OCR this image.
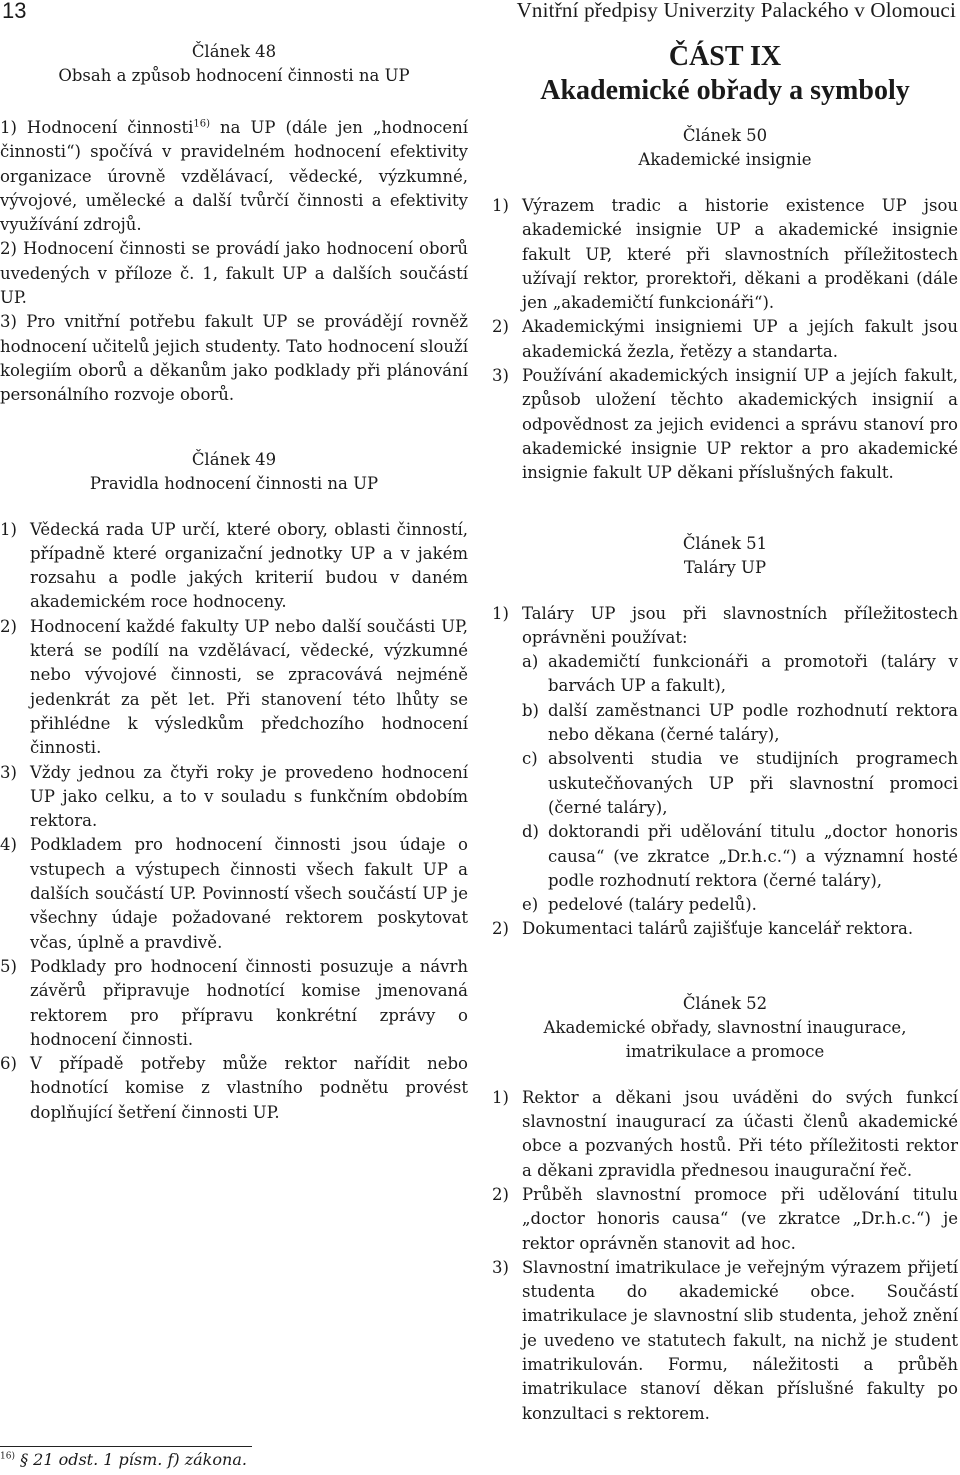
13	Vnitřní předpisy Univerzity Palackého v Olomouci
Článek 48
Obsah a způsob hodnocení činnosti na UP

1) Hodnocení činnosti$^{16)}$ na UP (dále jen „hodnocení činnosti“) spočívá v pravidelném hodnocení efektivity organizace úrovně vzdělávací, vědecké, výzkumné, vývojové, umělecké a další tvůrčí činnosti a efektivity využívání zdrojů.

2) Hodnocení činnosti se provádí jako hodnocení oborů uvedených v příloze č. 1, fakult UP a dalších součástí UP.

3) Pro vnitřní potřebu fakult UP se provádějí rovněž hodnocení učitelů jejich studenty. Tato hodnocení slouží kolegiím oborů a děkanům jako podklady při plánování personálního rozvoje oborů.

Článek 49
Pravidla hodnocení činnosti na UP
1) Vědecká rada UP určí, které obory, oblasti činností, případně které organizační jednotky UP a v jakém rozsahu a podle jakých kriterií budou v daném akademickém roce hodnoceny.
2) Hodnocení každé fakulty UP nebo další součásti UP, která se podílí na vzdělávací, vědecké, výzkumné nebo vývojové činnosti, se zpracovává nejméně jedenkrát za pět let. Při stanovení této lhůty se přihlédne k výsledkům předchozího hodnocení činnosti.
3) Vždy jednou za čtyři roky je provedeno hodnocení UP jako celku, a to v souladu s funkčním obdobím rektora.
4) Podkladem pro hodnocení činnosti jsou údaje o vstupech a výstupech činnosti všech fakult UP a dalších součástí UP. Povinností všech součástí UP je všechny údaje požadované rektorem poskytovat včas, úplně a pravdivě.
5) Podklady pro hodnocení činnosti posuzuje a návrh závěrů připravuje hodnotící komise jmenovaná rektorem pro přípravu konkrétní zprávy o hodnocení činnosti.
6) V případě potřeby může rektor nařídit nebo hodnotící komise z vlastního podnětu provést doplňující šetření činnosti UP.
ČÁST IX
Akademické obřady a symboly
Článek 50
Akademické insignie
1) Výrazem tradic a historie existence UP jsou akademické insignie UP a akademické insignie fakult UP, které při slavnostních příležitostech užívají rektor, prorektoři, děkani a proděkani (dále jen „akademičtí funkcionáři“).
2) Akademickými insigniemi UP a jejích fakult jsou akademická žezla, řetězy a standarta.
3) Používání akademických insignií UP a jejích fakult, způsob uložení těchto akademických insignií a odpovědnost za jejich evidenci a správu stanoví pro akademické insignie UP rektor a pro akademické insignie fakult UP děkani příslušných fakult.
Článek 51
Taláry UP
1) Taláry UP jsou při slavnostních příležitostech oprávněni používat:
a) akademičtí funkcionáři a promotoři (taláry v barvách UP a fakult),
b) další zaměstnanci UP podle rozhodnutí rektora nebo děkana (černé taláry),
c) absolventi studia ve studijních programech uskutečňovaných UP při slavnostní promoci (černé taláry),
d) doktorandi při udělování titulu „doctor honoris causa“ (ve zkratce „Dr.h.c.“) a významní hosté podle rozhodnutí rektora (černé taláry),
e) pedelové (taláry pedelů).
2) Dokumentaci talárů zajišťuje kancelář rektora.
Článek 52
Akademické obřady, slavnostní inaugurace,
imatrikulace a promoce
1) Rektor a děkani jsou uváděni do svých funkcí slavnostní inaugurací za účasti členů akademické obce a pozvaných hostů. Při této příležitosti rektor a děkani zpravidla přednesou inaugurační řeč.
2) Průběh slavnostní promoce při udělování titulu „doctor honoris causa“ (ve zkratce „Dr.h.c.“) je rektor oprávněn stanovit ad hoc.
3) Slavnostní imatrikulace je veřejným výrazem přijetí studenta do akademické obce. Součástí imatrikulace je slavnostní slib studenta, jehož znění je uvedeno ve statutech fakult, na nichž je student imatrikulován. Formu, náležitosti a průběh imatrikulace stanoví děkan příslušné fakulty po konzultaci s rektorem.
$^{16)}$ § 21 odst. 1 písm. f) zákona.
